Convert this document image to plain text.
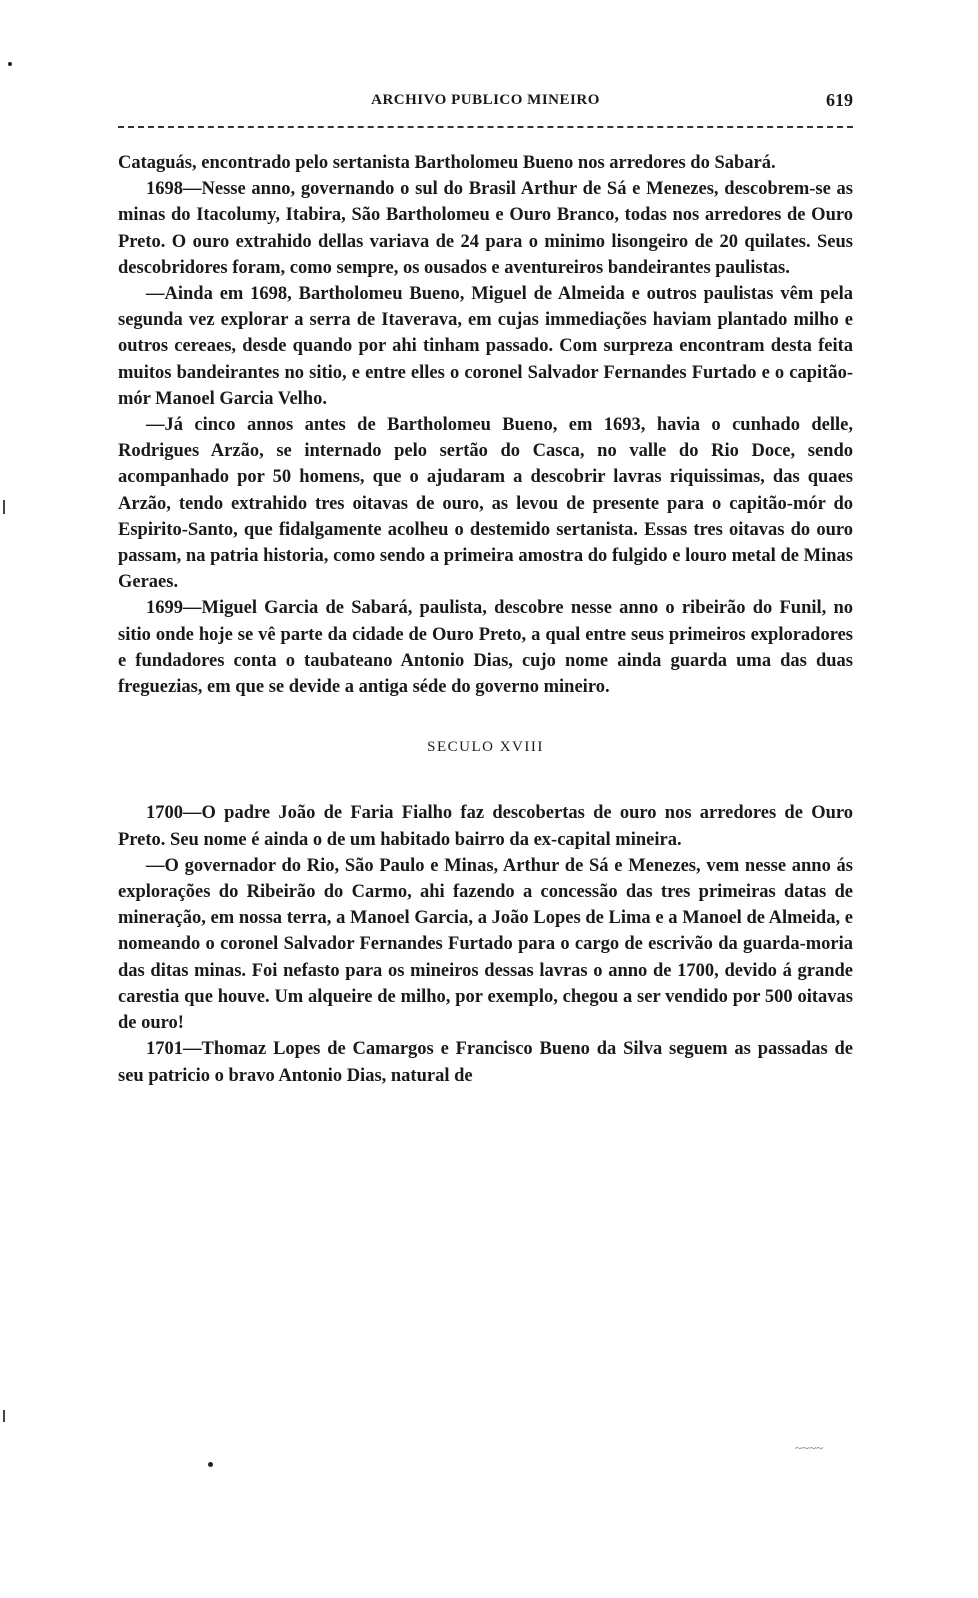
ARCHIVO PUBLICO MINEIRO	619

Cataguás, encontrado pelo sertanista Bartholomeu Bueno nos arredores do Sabará.

1698—Nesse anno, governando o sul do Brasil Arthur de Sá e Menezes, descobrem-se as minas do Itacolumy, Itabira, São Bartholomeu e Ouro Branco, todas nos arredores de Ouro Preto. O ouro extrahido dellas variava de 24 para o minimo lisongeiro de 20 quilates. Seus descobridores foram, como sempre, os ousados e aventureiros bandeirantes paulistas.

—Ainda em 1698, Bartholomeu Bueno, Miguel de Almeida e outros paulistas vêm pela segunda vez explorar a serra de Itaverava, em cujas immediações haviam plantado milho e outros cereaes, desde quando por ahi tinham passado. Com surpreza encontram desta feita muitos bandeirantes no sitio, e entre elles o coronel Salvador Fernandes Furtado e o capitão-mór Manoel Garcia Velho.

—Já cinco annos antes de Bartholomeu Bueno, em 1693, havia o cunhado delle, Rodrigues Arzão, se internado pelo sertão do Casca, no valle do Rio Doce, sendo acompanhado por 50 homens, que o ajudaram a descobrir lavras riquissimas, das quaes Arzão, tendo extrahido tres oitavas de ouro, as levou de presente para o capitão-mór do Espirito-Santo, que fidalgamente acolheu o destemido sertanista. Essas tres oitavas do ouro passam, na patria historia, como sendo a primeira amostra do fulgido e louro metal de Minas Geraes.

1699—Miguel Garcia de Sabará, paulista, descobre nesse anno o ribeirão do Funil, no sitio onde hoje se vê parte da cidade de Ouro Preto, a qual entre seus primeiros exploradores e fundadores conta o taubateano Antonio Dias, cujo nome ainda guarda uma das duas freguezias, em que se devide a antiga séde do governo mineiro.

SECULO XVIII

1700—O padre João de Faria Fialho faz descobertas de ouro nos arredores de Ouro Preto. Seu nome é ainda o de um habitado bairro da ex-capital mineira.

—O governador do Rio, São Paulo e Minas, Arthur de Sá e Menezes, vem nesse anno ás explorações do Ribeirão do Carmo, ahi fazendo a concessão das tres primeiras datas de mineração, em nossa terra, a Manoel Garcia, a João Lopes de Lima e a Manoel de Almeida, e nomeando o coronel Salvador Fernandes Furtado para o cargo de escrivão da guarda-moria das ditas minas. Foi nefasto para os mineiros dessas lavras o anno de 1700, devido á grande carestia que houve. Um alqueire de milho, por exemplo, chegou a ser vendido por 500 oitavas de ouro!

1701—Thomaz Lopes de Camargos e Francisco Bueno da Silva seguem as passadas de seu patricio o bravo Antonio Dias, natural de

~~~~
